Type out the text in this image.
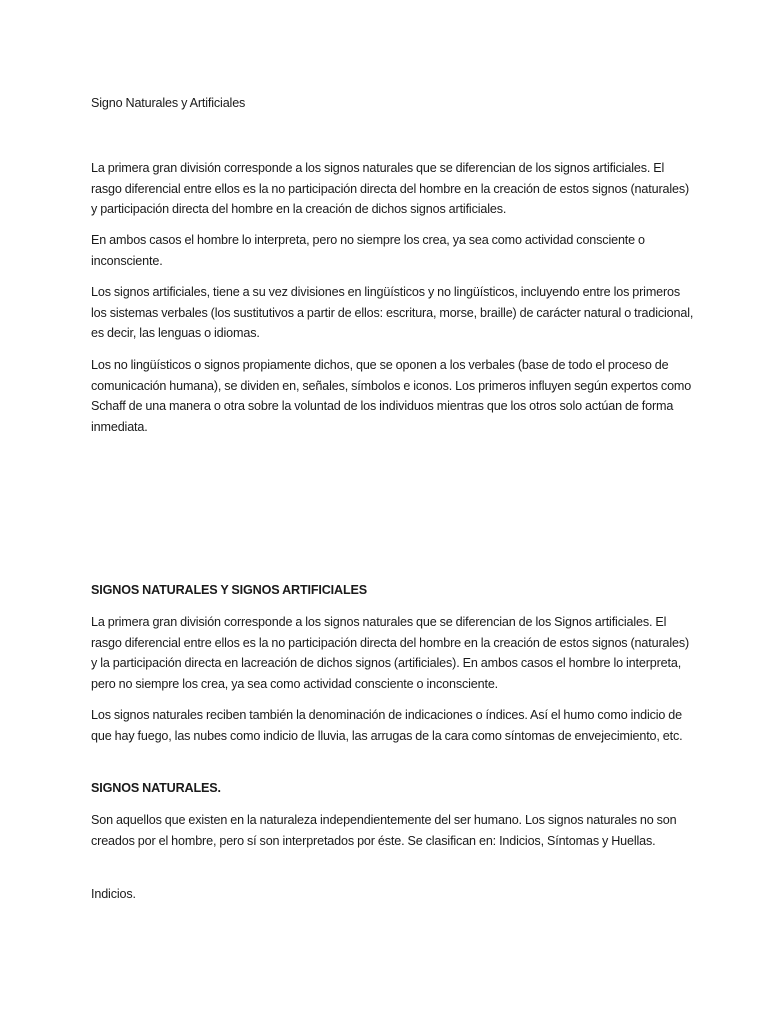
Signo Naturales y Artificiales

La primera gran división corresponde a los signos naturales que se diferencian de los signos artificiales. El rasgo diferencial entre ellos es la no participación directa del hombre en la creación de estos signos (naturales) y participación directa del hombre en la creación de dichos signos artificiales.

En ambos casos el hombre lo interpreta, pero no siempre los crea, ya sea como actividad consciente o inconsciente.

Los signos artificiales, tiene a su vez divisiones en lingüísticos y no lingüísticos, incluyendo entre los primeros los sistemas verbales (los sustitutivos a partir de ellos: escritura, morse, braille) de carácter natural o tradicional, es decir, las lenguas o idiomas.

Los no lingüísticos o signos propiamente dichos, que se oponen a los verbales (base de todo el proceso de comunicación humana), se dividen en, señales, símbolos e iconos. Los primeros influyen según expertos como Schaff de una manera o otra sobre la voluntad de los individuos mientras que los otros solo actúan de forma inmediata.

SIGNOS NATURALES Y SIGNOS ARTIFICIALES

La primera gran división corresponde a los signos naturales que se diferencian de los Signos artificiales. El rasgo diferencial entre ellos es la no participación directa del hombre en la creación de estos signos (naturales) y la participación directa en lacreación de dichos signos (artificiales). En ambos casos el hombre lo interpreta, pero no siempre los crea, ya sea como actividad consciente o inconsciente.

Los signos naturales reciben también la denominación de indicaciones o índices. Así el humo como indicio de que hay fuego, las nubes como indicio de lluvia, las arrugas de la cara como síntomas de envejecimiento, etc.

SIGNOS NATURALES.

Son aquellos que existen en la naturaleza independientemente del ser humano. Los signos naturales no son creados por el hombre, pero sí son interpretados por éste. Se clasifican en: Indicios, Síntomas y Huellas.

Indicios.
